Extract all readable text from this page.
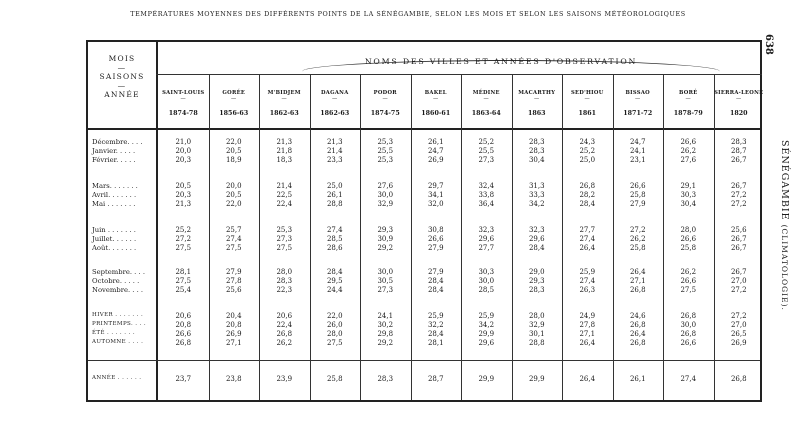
TEMPÉRATURES MOYENNES DES DIFFÉRENTS POINTS DE LA SÉNÉGAMBIE, SELON LES MOIS ET SELON LES SAISONS MÉTÉOROLOGIQUES
638
SÉNÉGAMBIE (CLIMATOLOGIE).
MOIS
—
SAISONS
—
ANNÉE
NOMS DES VILLES ET ANNÉES D'OBSERVATION
SAINT-LOUIS
—
1874-78
GORÉE
—
1856-63
M'BIDJEM
—
1862-63
DAGANA
—
1862-63
PODOR
—
1874-75
BAKEL
—
1860-61
MÉDINE
—
1863-64
MACARTHY
—
1863
SED'HIOU
—
1861
BISSAO
—
1871-72
BORÉ
—
1878-79
SIERRA-LEONE
—
1820
Décembre. . . .	21,0	22,0	21,3	21,3	25,3	26,1	25,2	28,3	24,3	24,7	26,6	28,3
Janvier. . . . .	20,0	20,5	21,8	21,4	25,5	24,7	25,5	28,3	25,2	24,1	26,2	28,7
Février. . . . .	20,3	18,9	18,3	23,3	25,3	26,9	27,3	30,4	25,0	23,1	27,6	26,7
Mars. . . . . . .	20,5	20,0	21,4	25,0	27,6	29,7	32,4	31,3	26,8	26,6	29,1	26,7
Avril. . . . . . .	20,3	20,5	22,5	26,1	30,0	34,1	33,8	33,3	28,2	25,8	30,3	27,2
Mai . . . . . . .	21,3	22,0	22,4	28,8	32,9	32,0	36,4	34,2	28,4	27,9	30,4	27,2
Juin . . . . . . .	25,2	25,7	25,3	27,4	29,3	30,8	32,3	32,3	27,7	27,2	28,0	25,6
Juillet. . . . . .	27,2	27,4	27,3	28,5	30,9	26,6	29,6	29,6	27,4	26,2	26,6	26,7
Août. . . . . . .	27,5	27,5	27,5	28,6	29,2	27,9	27,7	28,4	26,4	25,8	25,8	26,7
Septembre. . . .	28,1	27,9	28,0	28,4	30,0	27,9	30,3	29,0	25,9	26,4	26,2	26,7
Octobre. . . . .	27,5	27,8	28,3	29,5	30,5	28,4	30,0	29,3	27,4	27,1	26,6	27,0
Novembre. . . .	25,4	25,6	22,3	24,4	27,3	28,4	28,5	28,3	26,3	26,8	27,5	27,2
HIVER . . . . . . .	20,6	20,4	20,6	22,0	24,1	25,9	25,9	28,0	24,9	24,6	26,8	27,2
PRINTEMPS. . . .	20,8	20,8	22,4	26,0	30,2	32,2	34,2	32,9	27,8	26,8	30,0	27,0
ÉTÉ . . . . . . .	26,6	26,9	26,8	28,0	29,8	28,4	29,9	30,1	27,1	26,4	26,8	26,5
AUTOMNE . . . .	26,8	27,1	26,2	27,5	29,2	28,1	29,6	28,8	26,4	26,8	26,6	26,9
ANNÉE . . . . . .	23,7	23,8	23,9	25,8	28,3	28,7	29,9	29,9	26,4	26,1	27,4	26,8
